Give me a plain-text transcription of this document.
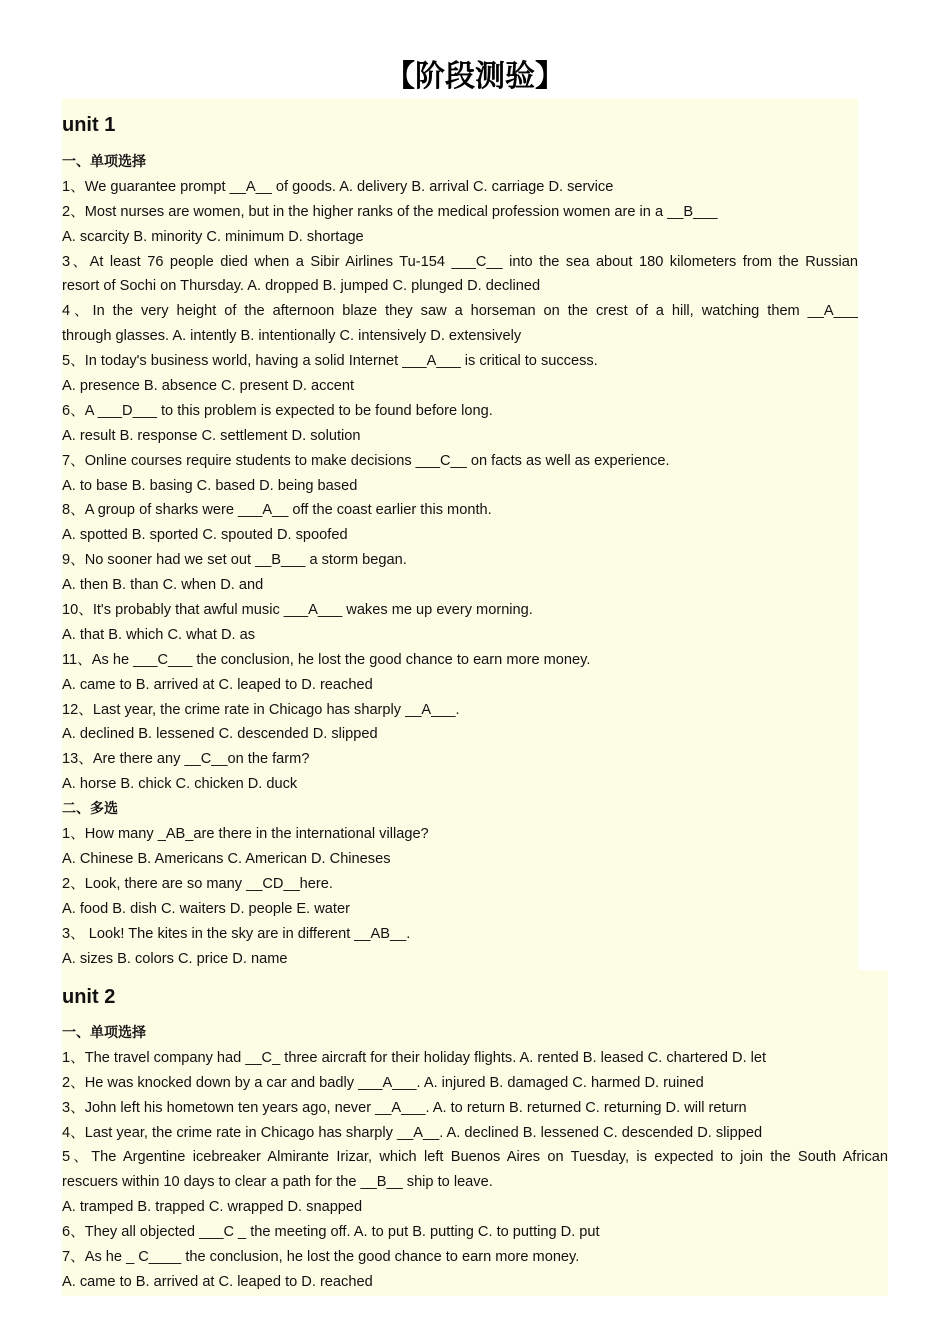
【阶段测验】
unit 1
一、单项选择
1、We guarantee prompt __A__ of goods. A. delivery B. arrival C. carriage D. service
2、Most nurses are women, but in the higher ranks of the medical profession women are in a __B___
A. scarcity B. minority C. minimum D. shortage
3、At least 76 people died when a Sibir Airlines Tu-154 ___C__ into the sea about 180 kilometers from the Russian
resort of Sochi on Thursday. A. dropped B. jumped C. plunged D. declined
4、In the very height of the afternoon blaze they saw a horseman on the crest of a hill, watching them __A___
through glasses. A. intently B. intentionally C. intensively D. extensively
5、In today's business world, having a solid Internet ___A___ is critical to success.
A. presence B. absence C. present D. accent
6、A ___D___ to this problem is expected to be found before long.
A. result B. response C. settlement D. solution
7、Online courses require students to make decisions ___C__ on facts as well as experience.
A. to base B. basing C. based D. being based
8、A group of sharks were ___A__ off the coast earlier this month.
A. spotted B. sported C. spouted D. spoofed
9、No sooner had we set out __B___ a storm began.
A. then B. than C. when D. and
10、It's probably that awful music ___A___ wakes me up every morning.
A. that B. which C. what D. as
11、As he ___C___ the conclusion, he lost the good chance to earn more money.
A. came to B. arrived at C. leaped to D. reached
12、Last year, the crime rate in Chicago has sharply __A___.
A. declined B. lessened C. descended D. slipped
13、Are there any __C__on the farm?
A. horse B. chick C. chicken D. duck
二、多选
1、How many _AB_are there in the international village?
A. Chinese B. Americans C. American D. Chineses
2、Look, there are so many __CD__here.
A. food B. dish C. waiters D. people E. water
3、 Look! The kites in the sky are in different __AB__.
A. sizes B. colors C. price D. name
unit 2
一、单项选择
1、The travel company had __C_ three aircraft for their holiday flights. A. rented B. leased C. chartered D. let
2、He was knocked down by a car and badly ___A___. A. injured B. damaged C. harmed D. ruined
3、John left his hometown ten years ago, never __A___. A. to return B. returned C. returning D. will return
4、Last year, the crime rate in Chicago has sharply __A__. A. declined B. lessened C. descended D. slipped
5、The Argentine icebreaker Almirante Irizar, which left Buenos Aires on Tuesday, is expected to join the South African
rescuers within 10 days to clear a path for the __B__ ship to leave.
A. tramped B. trapped C. wrapped D. snapped
6、They all objected ___C _ the meeting off. A. to put B. putting C. to putting D. put
7、As he _ C____ the conclusion, he lost the good chance to earn more money.
A. came to B. arrived at C. leaped to D. reached
